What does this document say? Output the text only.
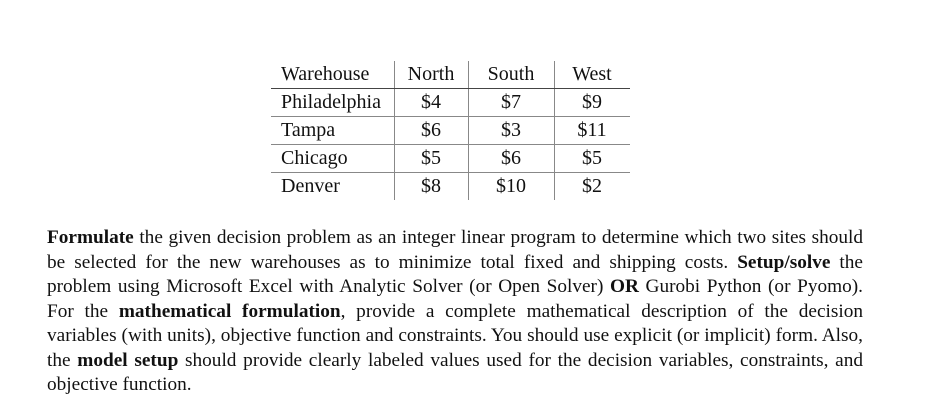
Warehouse	North	South	West
Philadelphia	$4	$7	$9
Tampa	$6	$3	$11
Chicago	$5	$6	$5
Denver	$8	$10	$2

Formulate the given decision problem as an integer linear program to determine which two sites should be selected for the new warehouses as to minimize total fixed and shipping costs. Setup/solve the problem using Microsoft Excel with Analytic Solver (or Open Solver) OR Gurobi Python (or Pyomo). For the mathematical formulation, provide a complete mathematical description of the decision variables (with units), objective function and constraints. You should use explicit (or implicit) form. Also, the model setup should provide clearly labeled values used for the decision variables, constraints, and objective function.
